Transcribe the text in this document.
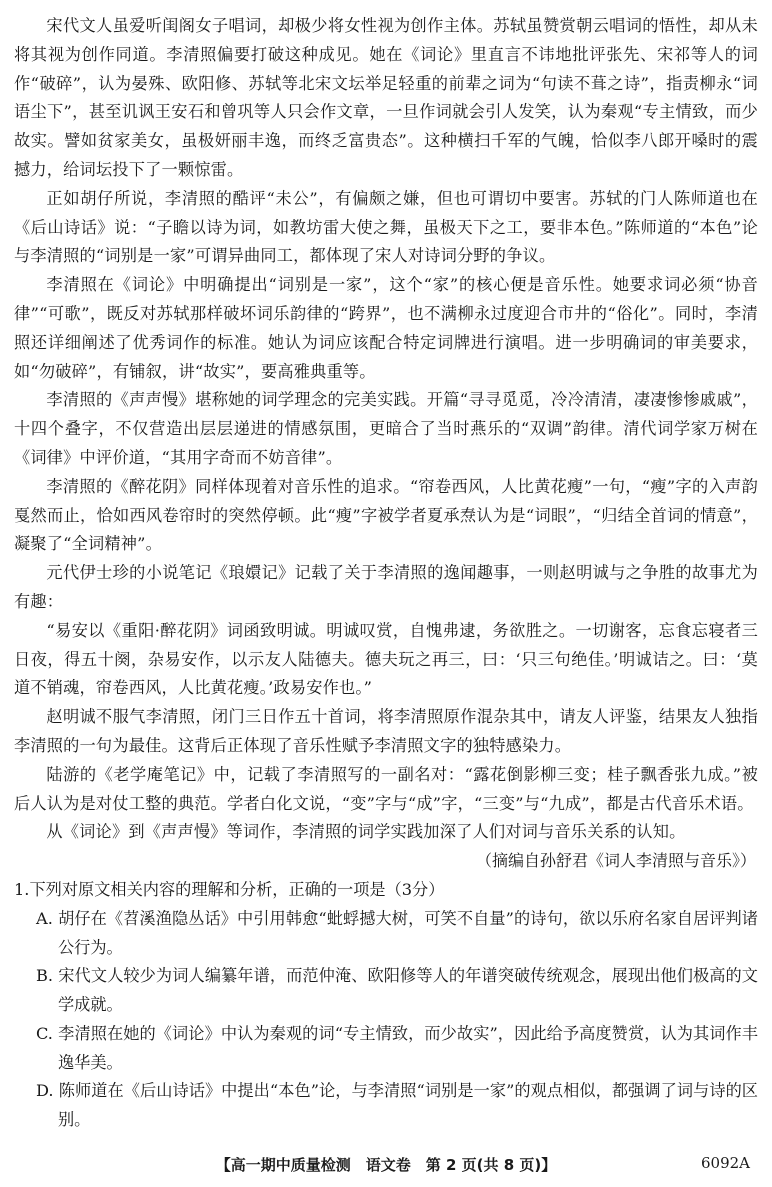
宋代文人虽爱听闺阁女子唱词，却极少将女性视为创作主体。苏轼虽赞赏朝云唱词的悟性，却从未将其视为创作同道。李清照偏要打破这种成见。她在《词论》里直言不讳地批评张先、宋祁等人的词作“破碎”，认为晏殊、欧阳修、苏轼等北宋文坛举足轻重的前辈之词为“句读不葺之诗”，指责柳永“词语尘下”，甚至讥讽王安石和曾巩等人只会作文章，一旦作词就会引人发笑，认为秦观“专主情致，而少故实。譬如贫家美女，虽极妍丽丰逸，而终乏富贵态”。这种横扫千军的气魄，恰似李八郎开嗓时的震撼力，给词坛投下了一颗惊雷。

正如胡仔所说，李清照的酷评“未公”，有偏颇之嫌，但也可谓切中要害。苏轼的门人陈师道也在《后山诗话》说：“子瞻以诗为词，如教坊雷大使之舞，虽极天下之工，要非本色。”陈师道的“本色”论与李清照的“词别是一家”可谓异曲同工，都体现了宋人对诗词分野的争议。

李清照在《词论》中明确提出“词别是一家”，这个“家”的核心便是音乐性。她要求词必须“协音律”“可歌”，既反对苏轼那样破坏词乐韵律的“跨界”，也不满柳永过度迎合市井的“俗化”。同时，李清照还详细阐述了优秀词作的标准。她认为词应该配合特定词牌进行演唱。进一步明确词的审美要求，如“勿破碎”，有铺叙，讲“故实”，要高雅典重等。

李清照的《声声慢》堪称她的词学理念的完美实践。开篇“寻寻觅觅，冷冷清清，凄凄惨惨戚戚”，十四个叠字，不仅营造出层层递进的情感氛围，更暗合了当时燕乐的“双调”韵律。清代词学家万树在《词律》中评价道，“其用字奇而不妨音律”。

李清照的《醉花阴》同样体现着对音乐性的追求。“帘卷西风，人比黄花瘦”一句，“瘦”字的入声韵戛然而止，恰如西风卷帘时的突然停顿。此“瘦”字被学者夏承焘认为是“词眼”，“归结全首词的情意”，凝聚了“全词精神”。

元代伊士珍的小说笔记《琅嬛记》记载了关于李清照的逸闻趣事，一则赵明诚与之争胜的故事尤为有趣：

“易安以《重阳·醉花阴》词函致明诚。明诚叹赏，自愧弗逮，务欲胜之。一切谢客，忘食忘寝者三日夜，得五十阕，杂易安作，以示友人陆德夫。德夫玩之再三，曰：‘只三句绝佳。’明诚诘之。曰：‘莫道不销魂，帘卷西风，人比黄花瘦。’政易安作也。”

赵明诚不服气李清照，闭门三日作五十首词，将李清照原作混杂其中，请友人评鉴，结果友人独指李清照的一句为最佳。这背后正体现了音乐性赋予李清照文字的独特感染力。

陆游的《老学庵笔记》中，记载了李清照写的一副名对：“露花倒影柳三变；桂子飘香张九成。”被后人认为是对仗工整的典范。学者白化文说，“变”字与“成”字，“三变”与“九成”，都是古代音乐术语。

从《词论》到《声声慢》等词作，李清照的词学实践加深了人们对词与音乐关系的认知。

（摘编自孙舒君《词人李清照与音乐》）

1.下列对原文相关内容的理解和分析，正确的一项是（3分）

A. 胡仔在《苕溪渔隐丛话》中引用韩愈“蚍蜉撼大树，可笑不自量”的诗句，欲以乐府名家自居评判诸公行为。

B. 宋代文人较少为词人编纂年谱，而范仲淹、欧阳修等人的年谱突破传统观念，展现出他们极高的文学成就。

C. 李清照在她的《词论》中认为秦观的词“专主情致，而少故实”，因此给予高度赞赏，认为其词作丰逸华美。

D. 陈师道在《后山诗话》中提出“本色”论，与李清照“词别是一家”的观点相似，都强调了词与诗的区别。

【高一期中质量检测　语文卷　第 2 页(共 8 页)】	6092A
